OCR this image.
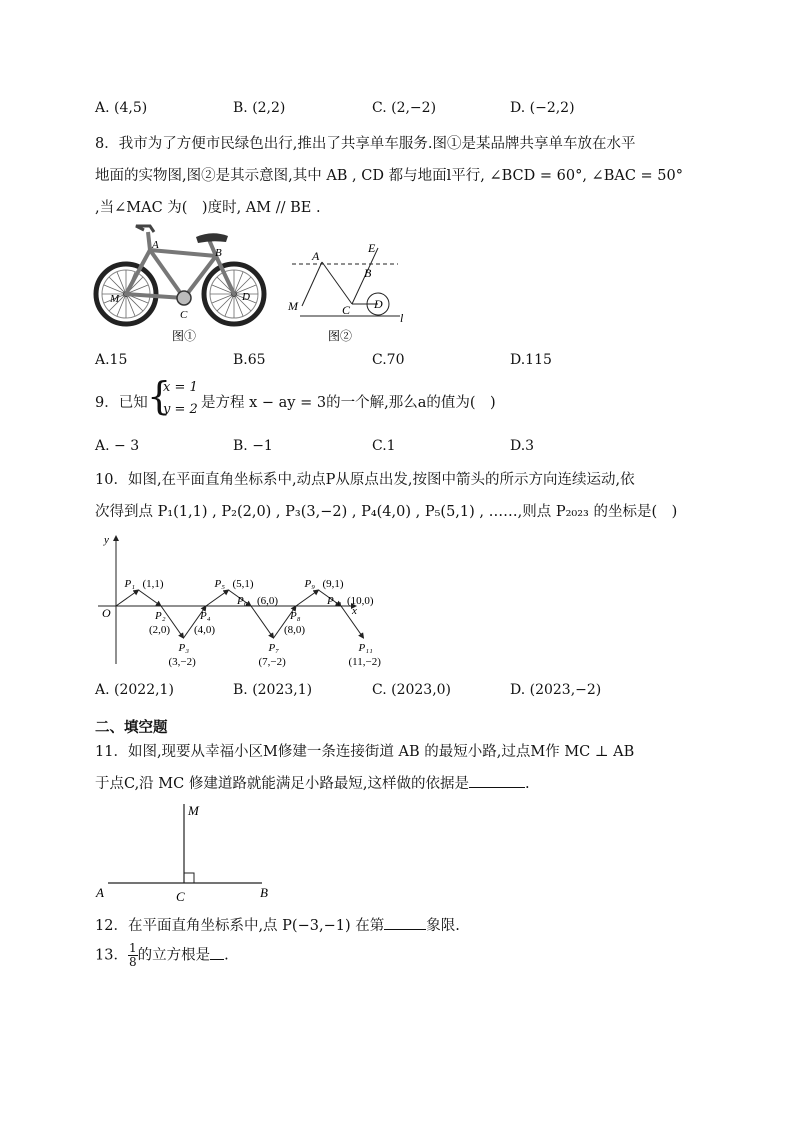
A. (4,5)	B. (2,2)	C. (2,−2)	D. (−2,2)
8．我市为了方便市民绿色出行,推出了共享单车服务.图①是某品牌共享单车放在水平
地面的实物图,图②是其示意图,其中 AB , CD 都与地面l平行, ∠BCD = 60°, ∠BAC = 50°
,当∠MAC 为(　)度时, AM // BE .
A
B
C
D
M
图①
A
B
C D
E
M
l
图②
A.15	B.65	C.70	D.115
9．已知 {
x = 1
y = 2 是方程 x − ay = 3的一个解,那么a的值为(　)
A. − 3	B. −1	C.1	D.3
10．如图,在平面直角坐标系中,动点P从原点出发,按图中箭头的所示方向连续运动,依
次得到点 P₁(1,1) , P₂(2,0) , P₃(3,−2) , P₄(4,0) , P₅(5,1) , ……,则点 P₂₀₂₃ 的坐标是(　)
y
x
O
P₁ (1,1)
P₂
(2,0)
P₃
(3,−2)
P₄
(4,0)
P₅ (5,1)
P₆ (6,0)
P₇
(7,−2)
P₈
(8,0)
P₉ (9,1)
P₁₀ (10,0)
P₁₁
(11,−2)
A. (2022,1)	B. (2023,1)	C. (2023,0)	D. (2023,−2)
二、填空题
11．如图,现要从幸福小区M修建一条连接街道 AB 的最短小路,过点M作 MC ⊥ AB
于点C,沿 MC 修建道路就能满足小路最短,这样做的依据是	.
M
A	B
C
12．在平面直角坐标系中,点 P(−3,−1) 在第	象限.
13． $\frac{1}{8}$ 的立方根是 .
